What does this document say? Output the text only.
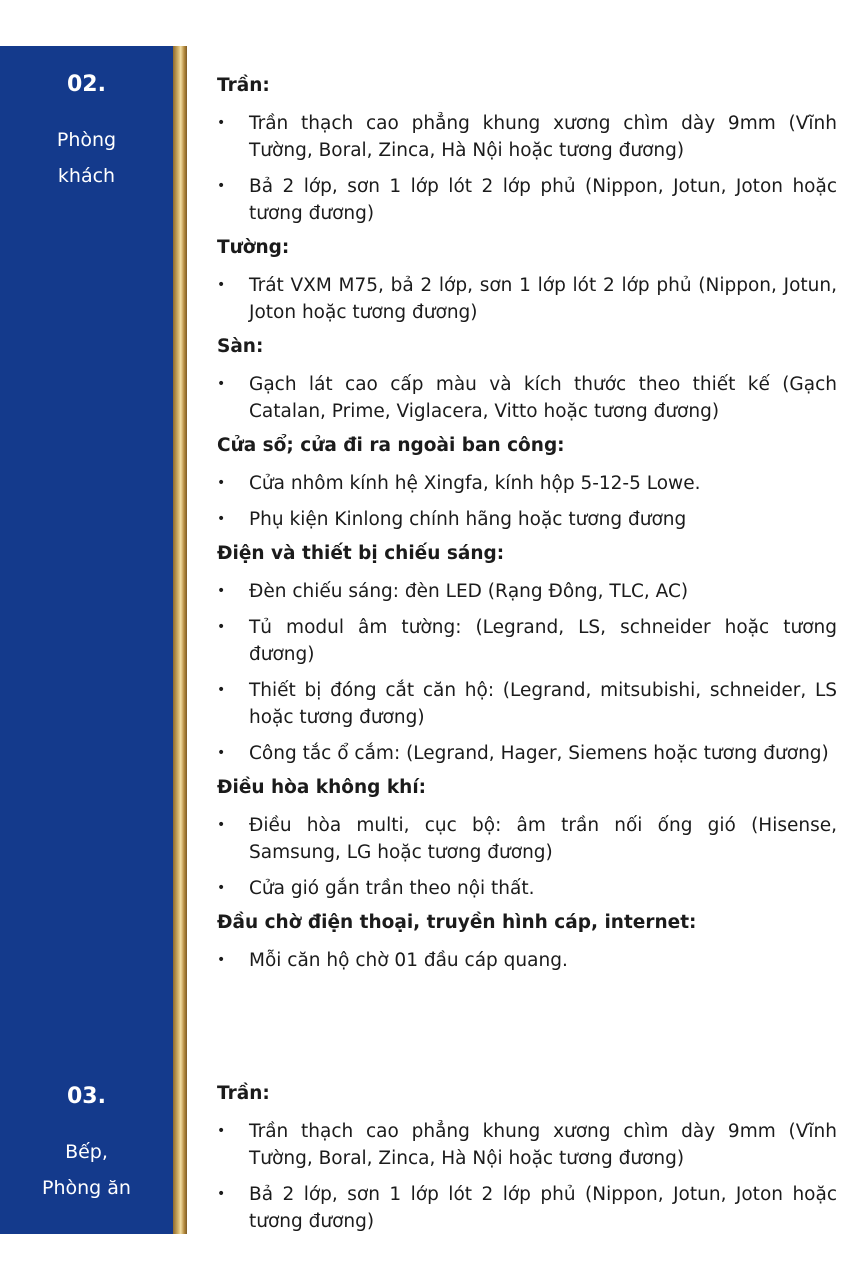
02.
Phòng
khách
03.
Bếp,
Phòng ăn
Trần:
• Trần thạch cao phẳng khung xương chìm dày 9mm (Vĩnh Tường, Boral, Zinca, Hà Nội hoặc tương đương)
• Bả 2 lớp, sơn 1 lớp lót 2 lớp phủ (Nippon, Jotun, Joton hoặc tương đương)
Tường:
• Trát VXM M75, bả 2 lớp, sơn 1 lớp lót 2 lớp phủ (Nippon, Jotun, Joton hoặc tương đương)
Sàn:
• Gạch lát cao cấp màu và kích thước theo thiết kế (Gạch Catalan, Prime, Viglacera, Vitto hoặc tương đương)
Cửa sổ; cửa đi ra ngoài ban công:
• Cửa nhôm kính hệ Xingfa, kính hộp 5-12-5 Lowe.
• Phụ kiện Kinlong chính hãng hoặc tương đương
Điện và thiết bị chiếu sáng:
• Đèn chiếu sáng: đèn LED (Rạng Đông, TLC, AC)
• Tủ modul âm tường: (Legrand, LS, schneider hoặc tương đương)
• Thiết bị đóng cắt căn hộ: (Legrand, mitsubishi, schneider, LS hoặc tương đương)
• Công tắc ổ cắm: (Legrand, Hager, Siemens hoặc tương đương)
Điều hòa không khí:
• Điều hòa multi, cục bộ: âm trần nối ống gió (Hisense, Samsung, LG hoặc tương đương)
• Cửa gió gắn trần theo nội thất.
Đầu chờ điện thoại, truyền hình cáp, internet:
• Mỗi căn hộ chờ 01 đầu cáp quang.
Trần:
• Trần thạch cao phẳng khung xương chìm dày 9mm (Vĩnh Tường, Boral, Zinca, Hà Nội hoặc tương đương)
• Bả 2 lớp, sơn 1 lớp lót 2 lớp phủ (Nippon, Jotun, Joton hoặc tương đương)
